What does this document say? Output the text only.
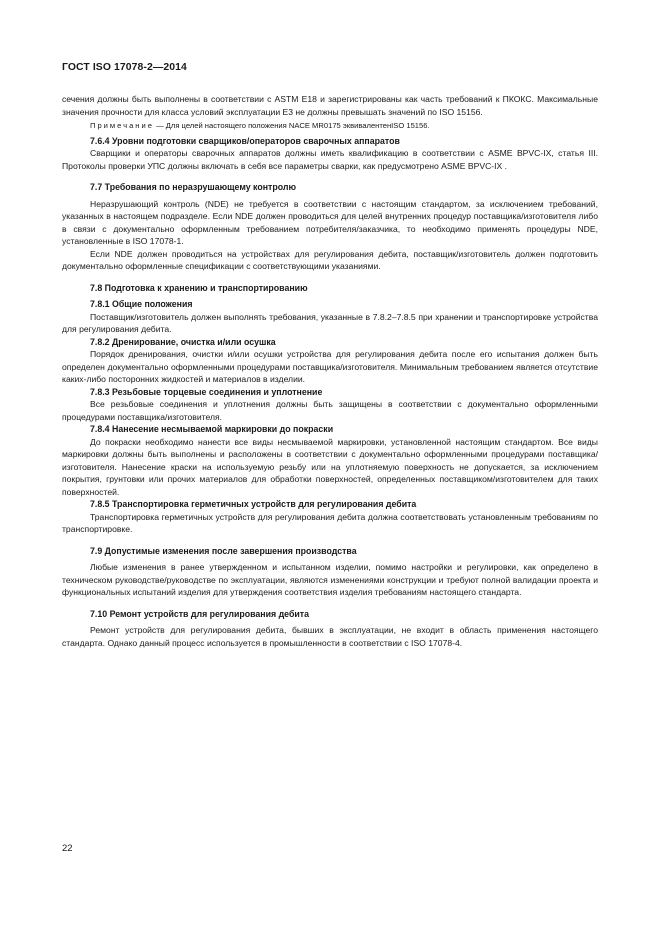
ГОСТ ISO 17078-2—2014

сечения должны быть выполнены в соответствии с ASTM E18 и зарегистрированы как часть требований к ПКОКС. Максимальные значения прочности для класса условий эксплуатации Е3 не должны превышать значений по ISO 15156.

Примечание — Для целей настоящего положения NACE MR0175 эквивалентенISO 15156.

7.6.4 Уровни подготовки сварщиков/операторов сварочных аппаратов

Сварщики и операторы сварочных аппаратов должны иметь квалификацию в соответствии с ASME BPVC-IX, статья III. Протоколы проверки УПС должны включать в себя все параметры сварки, как предусмотрено ASME BPVC-IX .

7.7 Требования по неразрушающему контролю

Неразрушающий контроль (NDE) не требуется в соответствии с настоящим стандартом, за исключением требований, указанных в настоящем подразделе. Если NDE должен проводиться для целей внутренних процедур поставщика/изготовителя либо в связи с документально оформленным требованием потребителя/заказчика, то необходимо применять процедуры NDE, установленные в ISO 17078-1.

Если NDE должен проводиться на устройствах для регулирования дебита, поставщик/изготовитель должен подготовить документально оформленные спецификации с соответствующими указаниями.

7.8 Подготовка к хранению и транспортированию
7.8.1 Общие положения

Поставщик/изготовитель должен выполнять требования, указанные в 7.8.2–7.8.5 при хранении и транспортировке устройства для регулирования дебита.

7.8.2 Дренирование, очистка и/или осушка

Порядок дренирования, очистки и/или осушки устройства для регулирования дебита после его испытания должен быть определен документально оформленными процедурами поставщика/изготовителя. Минимальным требованием является отсутствие каких-либо посторонних жидкостей и материалов в изделии.

7.8.3 Резьбовые торцевые соединения и уплотнение

Все резьбовые соединения и уплотнения должны быть защищены в соответствии с документально оформленными процедурами поставщика/изготовителя.

7.8.4 Нанесение несмываемой маркировки до покраски

До покраски необходимо нанести все виды несмываемой маркировки, установленной настоящим стандартом. Все виды маркировки должны быть выполнены и расположены в соответствии с документально оформленными процедурами поставщика/изготовителя. Нанесение краски на используемую резьбу или на уплотняемую поверхность не допускается, за исключением покрытия, грунтовки или прочих материалов для обработки поверхностей, определенных поставщиком/изготовителем для таких поверхностей.

7.8.5 Транспортировка герметичных устройств для регулирования дебита

Транспортировка герметичных устройств для регулирования дебита должна соответствовать установленным требованиям по транспортировке.

7.9 Допустимые изменения после завершения производства

Любые изменения в ранее утвержденном и испытанном изделии, помимо настройки и регулировки, как определено в техническом руководстве/руководстве по эксплуатации, являются изменениями конструкции и требуют полной валидации проекта и функциональных испытаний изделия для утверждения соответствия изделия требованиям настоящего стандарта.

7.10 Ремонт устройств для регулирования дебита

Ремонт устройств для регулирования дебита, бывших в эксплуатации, не входит в область применения настоящего стандарта. Однако данный процесс используется в промышленности в соответствии с ISO 17078-4.

22
